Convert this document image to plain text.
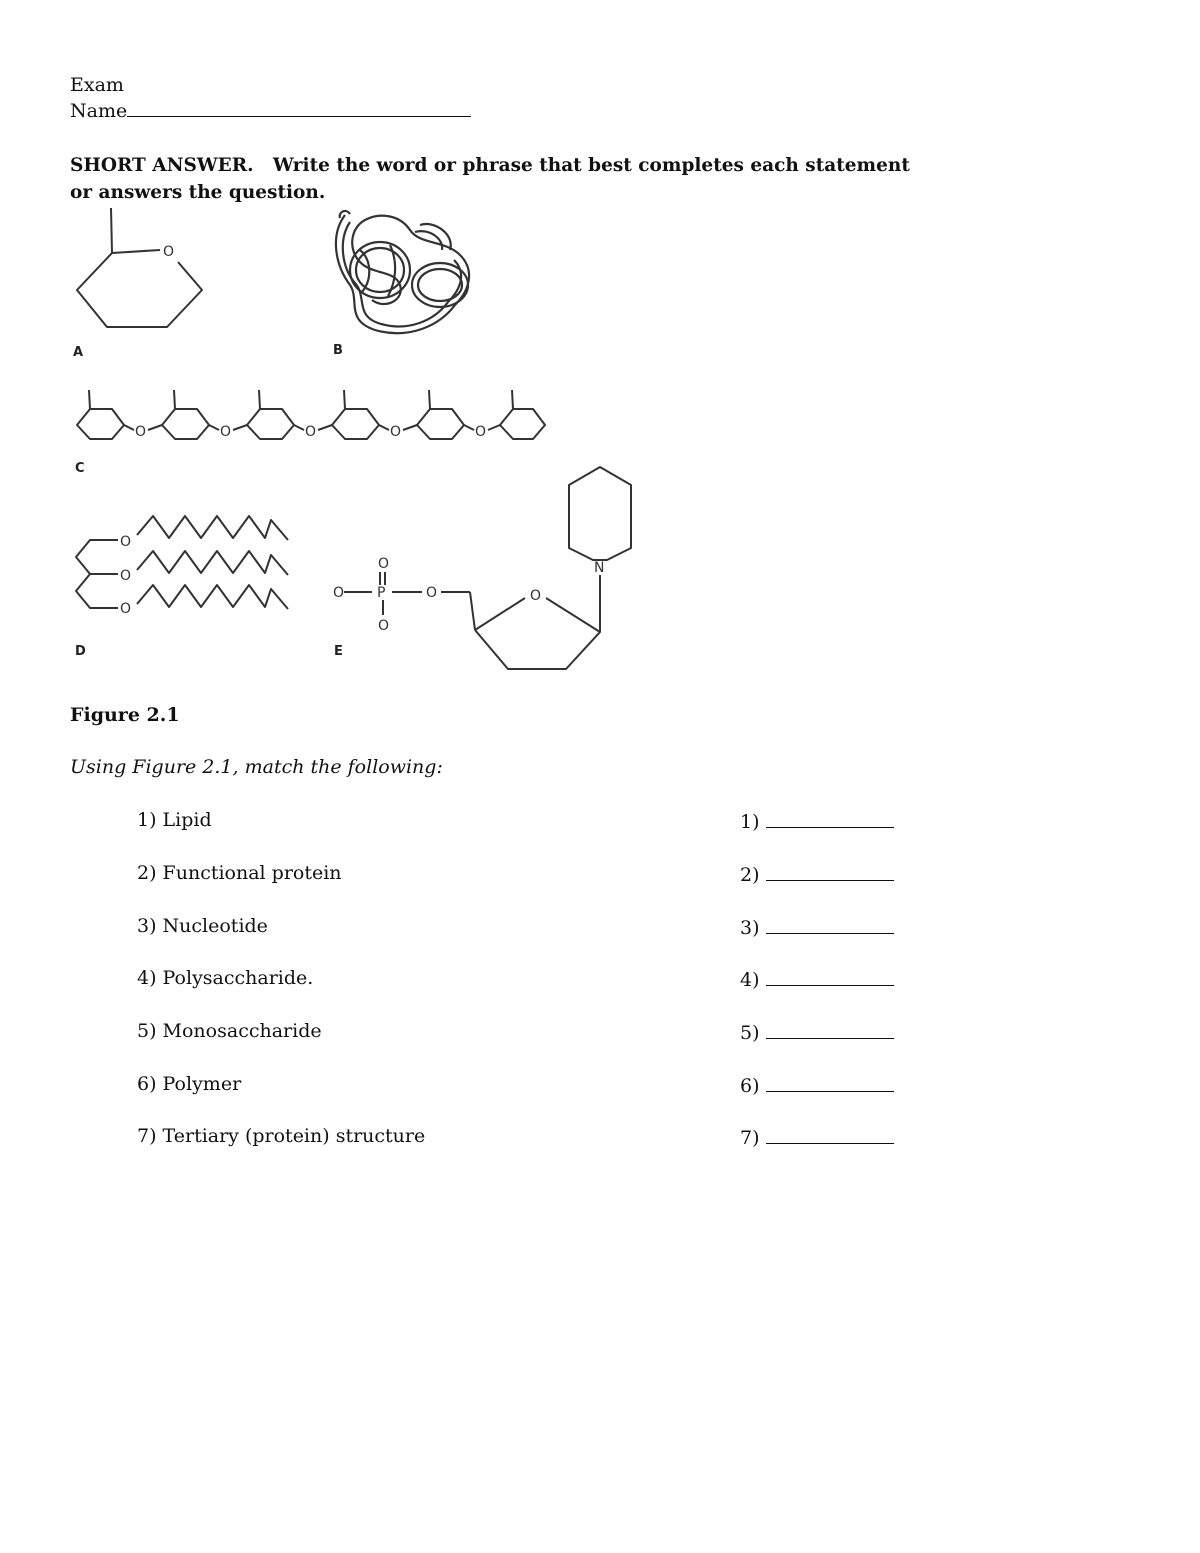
Exam
Name
SHORT ANSWER. Write the word or phrase that best completes each statement or answers the question.
A	B
C
D	E
O
O	O	O	O	O
O
O
O
O
O
P
O
O	O
N
Figure 2.1
Using Figure 2.1, match the following:
1) Lipid	1)
2) Functional protein	2)
3) Nucleotide	3)
4) Polysaccharide.	4)
5) Monosaccharide	5)
6) Polymer	6)
7) Tertiary (protein) structure	7)
